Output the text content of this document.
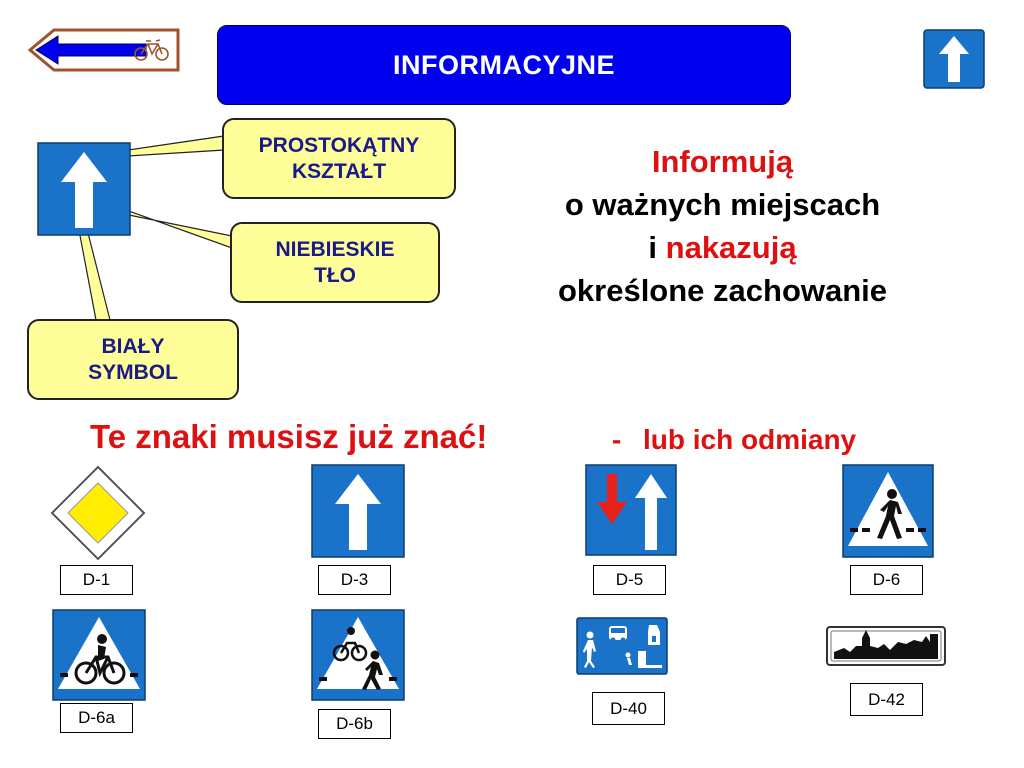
INFORMACYJNE
PROSTOKĄTNY
KSZTAŁT
NIEBIESKIE
TŁO
BIAŁY
SYMBOL
Informują
o ważnych miejscach
i nakazują
określone zachowanie
Te znaki musisz już znać!	- lub ich odmiany
D-1	D-3	D-5	D-6
D-6a	D-6b
D-40	D-42
